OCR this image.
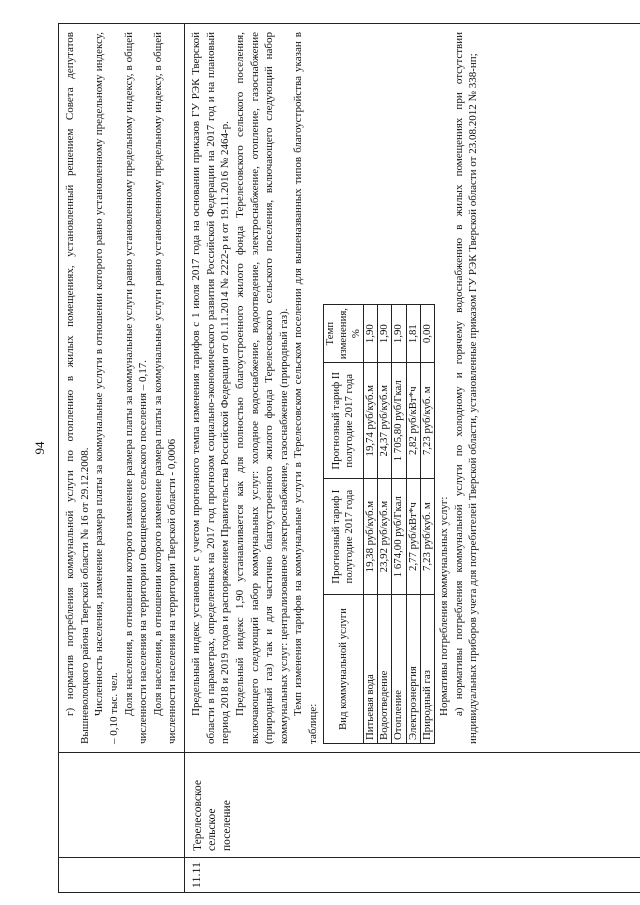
94
		г) норматив потребления коммунальной услуги по отоплению в жилых помещениях, установленный решением Совета депутатов Вышневолоцкого района Тверской области № 16 от 29.12.2008. Численность населения, изменение размера платы за коммунальные услуги в отношении которого равно установленному предельному индексу, – 0,10 тыс. чел. Доля населения, в отношении которого изменение размера платы за коммунальные услуги равно установленному предельному индексу, в общей численности населения на территории Овсищенского сельского поселения – 0,17. Доля населения, в отношении которого изменение размера платы за коммунальные услуги равно установленному предельному индексу, в общей численности населения на территории Тверской области - 0,0006

11.11	Терелесовское сельское поселение	

Предельный индекс установлен с учетом прогнозного темпа изменения тарифов с 1 июля 2017 года на основании приказов ГУ РЭК Тверской области в параметрах, определенных на 2017 год прогнозом социально-экономического развития Российской Федерации на 2017 год и на плановый период 2018 и 2019 годов и распоряжением Правительства Российской Федерации от 01.11.2014 № 2222-р и от 19.11.2016 № 2464-р. Предельный индекс 1,90 устанавливается как для полностью благоустроенного жилого фонда Терелесовского сельского поселения, включающего следующий набор коммунальных услуг: холодное водоснабжение, водоотведение, электроснабжение, отопление, газоснабжение (природный газ) так и для частично благоустроенного жилого фонда Терелесовского сельского поселения, включающего следующий набор коммунальных услуг: централизованное электроснабжение, газоснабжение (природный газ). Темп изменения тарифов на коммунальные услуги в Терелесовском сельском поселении для вышеназванных типов благоустройства указан в таблице: Вид коммунальной услуги	Прогнозный тариф I полугодие 2017 года	Прогнозный тариф II полугодие 2017 года	Темп изменения, %
Питьевая вода	19,38 руб/куб.м	19,74 руб/куб.м	1,90
Водоотведение	23,92 руб/куб.м	24,37 руб/куб.м	1,90
Отопление	1 674,00 руб/Гкал	1 705,80 руб/Гкал	1,90
Электроэнергия	2,77 руб/кВт*ч	2,82 руб/кВт*ч	1,81
Природный газ	7,23 руб/куб. м	7,23 руб/куб. м	0,00

Нормативы потребления коммунальных услуг: а) нормативы потребления коммунальной услуги по холодному и горячему водоснабжению в жилых помещениях при отсутствии индивидуальных приборов учета для потребителей Тверской области, установленные приказом ГУ РЭК Тверской области от 23.08.2012 № 338-нп;
